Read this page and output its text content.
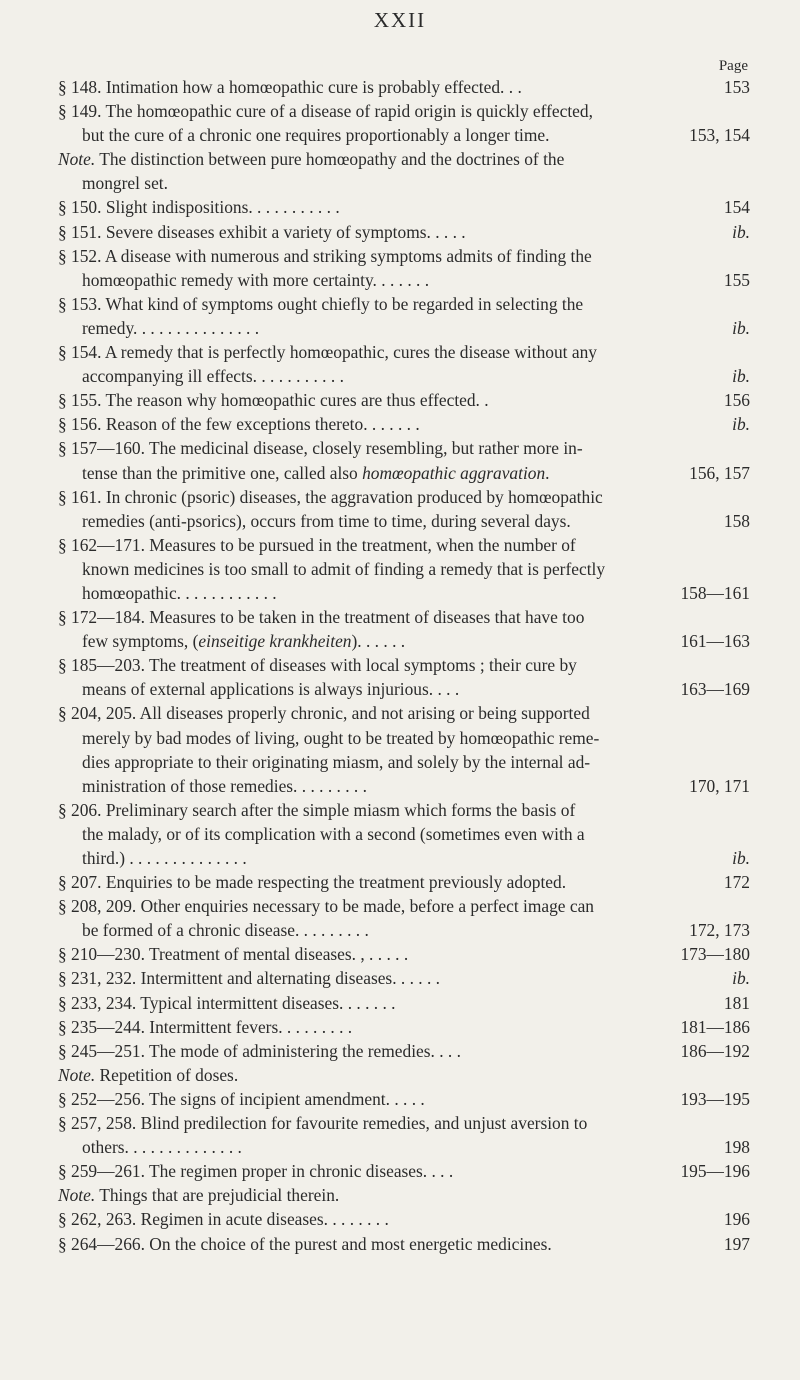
XXII
Page
§ 148. Intimation how a homœopathic cure is probably effected. . .	153
§ 149. The homœopathic cure of a disease of rapid origin is quickly effected,
but the cure of a chronic one requires proportionably a longer time.	153, 154
Note. The distinction between pure homœopathy and the doctrines of the
mongrel set.
§ 150. Slight indispositions. . . . . . . . . . .	154
§ 151. Severe diseases exhibit a variety of symptoms. . . . .	ib.
§ 152. A disease with numerous and striking symptoms admits of finding the
homœopathic remedy with more certainty. . . . . . .	155
§ 153. What kind of symptoms ought chiefly to be regarded in selecting the
remedy. . . . . . . . . . . . . . .	ib.
§ 154. A remedy that is perfectly homœopathic, cures the disease without any
accompanying ill effects. . . . . . . . . . .	ib.
§ 155. The reason why homœopathic cures are thus effected. .	156
§ 156. Reason of the few exceptions thereto. . . . . . .	ib.
§ 157—160. The medicinal disease, closely resembling, but rather more in-
tense than the primitive one, called also homœopathic aggravation.	156, 157
§ 161. In chronic (psoric) diseases, the aggravation produced by homœopathic
remedies (anti-psorics), occurs from time to time, during several days.	158
§ 162—171. Measures to be pursued in the treatment, when the number of
known medicines is too small to admit of finding a remedy that is perfectly
homœopathic. . . . . . . . . . . .	158—161
§ 172—184. Measures to be taken in the treatment of diseases that have too
few symptoms, (einseitige krankheiten). . . . . .	161—163
§ 185—203. The treatment of diseases with local symptoms ; their cure by
means of external applications is always injurious. . . .	163—169
§ 204, 205. All diseases properly chronic, and not arising or being supported
merely by bad modes of living, ought to be treated by homœopathic reme-
dies appropriate to their originating miasm, and solely by the internal ad-
ministration of those remedies. . . . . . . . .	170, 171
§ 206. Preliminary search after the simple miasm which forms the basis of
the malady, or of its complication with a second (sometimes even with a
third.) . . . . . . . . . . . . . .	ib.
§ 207. Enquiries to be made respecting the treatment previously adopted.	172
§ 208, 209. Other enquiries necessary to be made, before a perfect image can
be formed of a chronic disease. . . . . . . . .	172, 173
§ 210—230. Treatment of mental diseases. , . . . . .	173—180
§ 231, 232. Intermittent and alternating diseases. . . . . .	ib.
§ 233, 234. Typical intermittent diseases. . . . . . .	181
§ 235—244. Intermittent fevers. . . . . . . . .	181—186
§ 245—251. The mode of administering the remedies. . . .	186—192
Note. Repetition of doses.
§ 252—256. The signs of incipient amendment. . . . .	193—195
§ 257, 258. Blind predilection for favourite remedies, and unjust aversion to
others. . . . . . . . . . . . . .	198
§ 259—261. The regimen proper in chronic diseases. . . .	195—196
Note. Things that are prejudicial therein.
§ 262, 263. Regimen in acute diseases. . . . . . . .	196
§ 264—266. On the choice of the purest and most energetic medicines.	197
